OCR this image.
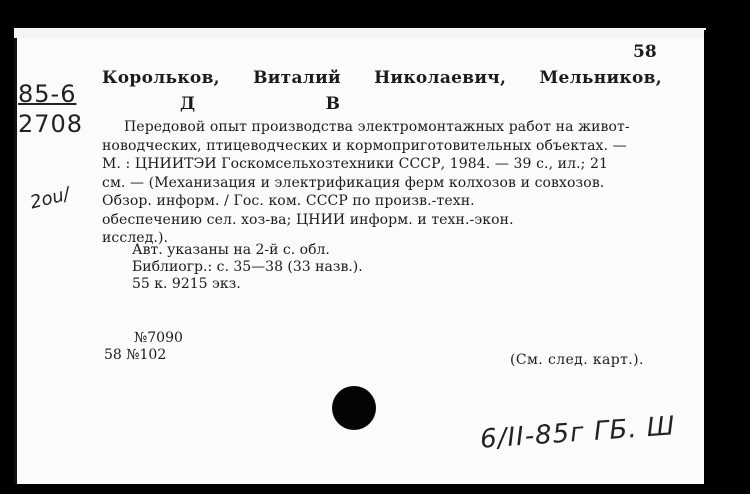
58
85-6
2708
2ou/
Корольков, Виталий Николаевич, Мельников,
Д	В

Передовой опыт производства электромонтажных работ на живот-

новодческих, птицеводческих и кормоприготовительных объектах. —

М. : ЦНИИТЭИ Госкомсельхозтехники СССР, 1984. — 39 с., ил.; 21

см. — (Механизация и электрификация ферм колхозов и совхозов.

Обзор. информ. / Гос. ком. СССР по произв.-техн.

обеспечению сел. хоз-ва; ЦНИИ информ. и техн.-экон.

исслед.).

Авт. указаны на 2-й с. обл.
Библиогр.: с. 35—38 (33 назв.).
55 к. 9215 экз.
№7090
58 №102	(См. след. карт.).
6/II-85г ГБ. Ш
